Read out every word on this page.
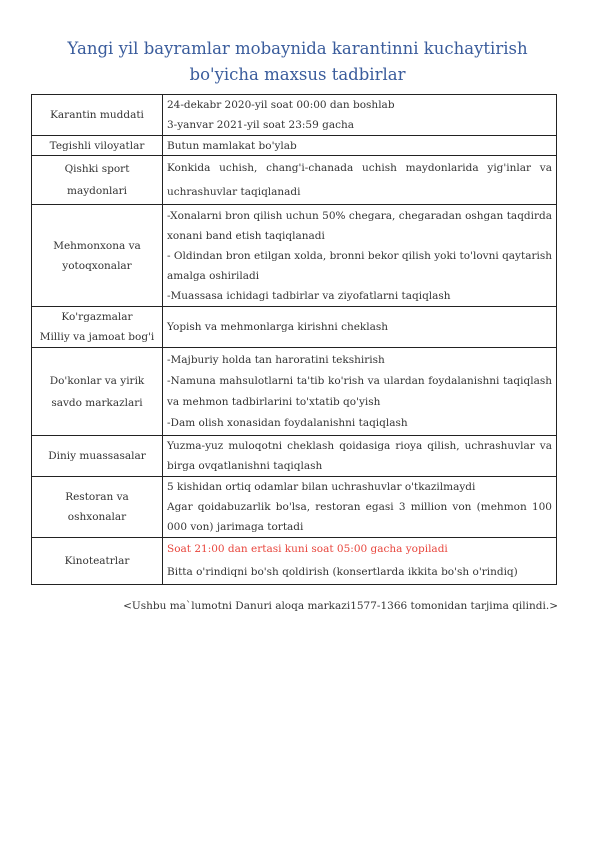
Yangi yil bayramlar mobaynida karantinni kuchaytirish
bo'yicha maxsus tadbirlar
Karantin muddati	24-dekabr 2020-yil soat 00:00 dan boshlab
3-yanvar 2021-yil soat 23:59 gacha

Tegishli viloyatlar	Butun mamlakat bo'ylab

Qishki sport
maydonlari	Konkida uchish, chang'i-chanada uchish maydonlarida yig'inlar va uchrashuvlar taqiqlanadi

Mehmonxona va
yotoqxonalar	-Xonalarni bron qilish uchun 50% chegara, chegaradan oshgan taqdirda xonani band etish taqiqlanadi
- Oldindan bron etilgan xolda, bronni bekor qilish yoki to'lovni qaytarish amalga oshiriladi
-Muassasa ichidagi tadbirlar va ziyofatlarni taqiqlash

Ko'rgazmalar
Milliy va jamoat bog'i	Yopish va mehmonlarga kirishni cheklash

Do'konlar va yirik
savdo markazlari	-Majburiy holda tan haroratini tekshirish
-Namuna mahsulotlarni ta'tib ko'rish va ulardan foydalanishni taqiqlash va mehmon tadbirlarini to'xtatib qo'yish
-Dam olish xonasidan foydalanishni taqiqlash

Diniy muassasalar	Yuzma-yuz muloqotni cheklash qoidasiga rioya qilish, uchrashuvlar va birga ovqatlanishni taqiqlash

Restoran va
oshxonalar	5 kishidan ortiq odamlar bilan uchrashuvlar o'tkazilmaydi
Agar qoidabuzarlik bo'lsa, restoran egasi 3 million von (mehmon 100 000 von) jarimaga tortadi

Kinoteatrlar	Soat 21:00 dan ertasi kuni soat 05:00 gacha yopiladi
Bitta o'rindiqni bo'sh qoldirish (konsertlarda ikkita bo'sh o'rindiq)
<Ushbu ma`lumotni Danuri aloqa markazi1577-1366 tomonidan tarjima qilindi.>
